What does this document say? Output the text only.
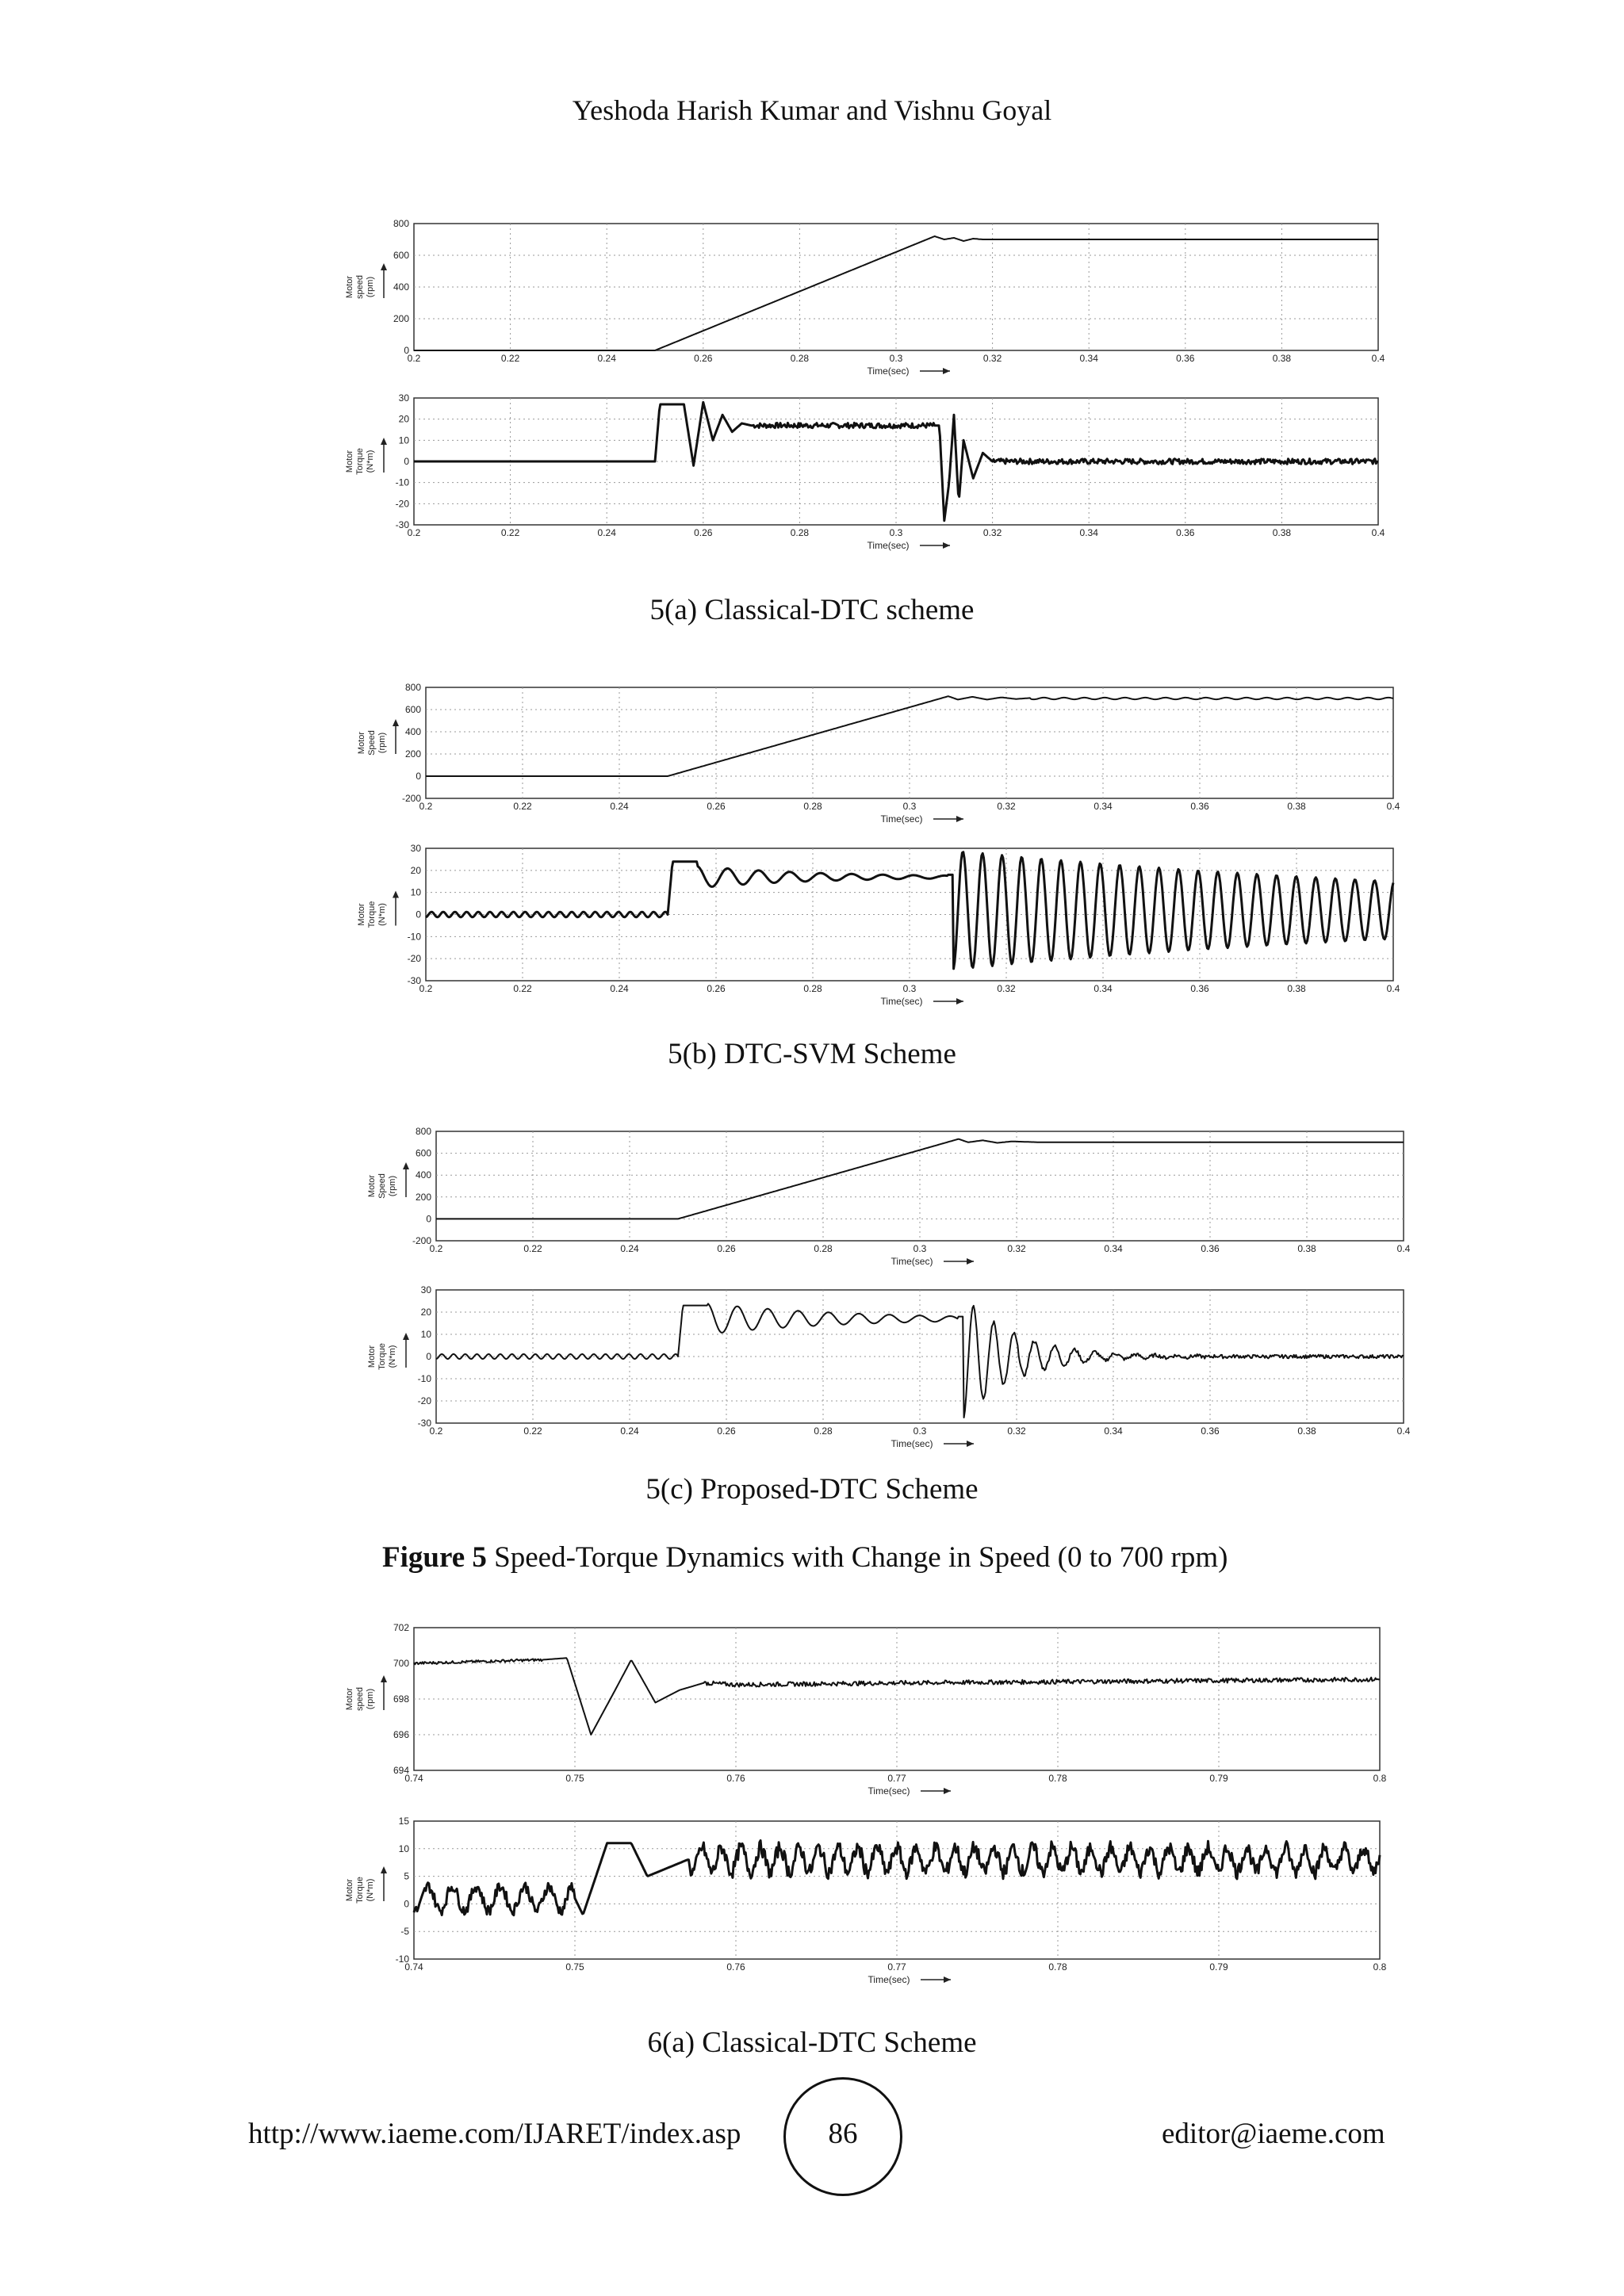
Yeshoda Harish Kumar and Vishnu Goyal
0.2	0.22	0.24	0.26	0.28	0.3	0.32	0.34	0.36	0.38	0.4
800
600
400
200
0
Time(sec)
Motor speed (rpm)
0.2	0.22	0.24	0.26	0.28	0.3	0.32	0.34	0.36	0.38	0.4
30
20
10
0
-10
-20
-30
Time(sec)
Motor Torque (N*m)
0.2	0.22	0.24	0.26	0.28	0.3	0.32	0.34	0.36	0.38	0.4
800
600
400
200
0
-200
Time(sec)
Motor Speed (rpm)
0.2	0.22	0.24	0.26	0.28	0.3	0.32	0.34	0.36	0.38	0.4
30
20
10
0
-10
-20
-30
Time(sec)
Motor Torque (N*m)
0.2	0.22	0.24	0.26	0.28	0.3	0.32	0.34	0.36	0.38	0.4
800
600
400
200
0
-200
Time(sec)
Motor Speed (rpm)
0.2	0.22	0.24	0.26	0.28	0.3	0.32	0.34	0.36	0.38	0.4
30
20
10
0
-10
-20
-30
Time(sec)
Motor Torque (N*m)
0.74	0.75	0.76	0.77	0.78	0.79	0.8
702
700
698
696
694
Time(sec)
Motor speed (rpm)
0.74	0.75	0.76	0.77	0.78	0.79	0.8
15
10
5
0
-5
-10
Time(sec)
Motor Torque (N*m)
5(a) Classical-DTC scheme
5(b) DTC-SVM Scheme
5(c) Proposed-DTC Scheme
Figure 5 Speed-Torque Dynamics with Change in Speed (0 to 700 rpm)
6(a) Classical-DTC Scheme
http://www.iaeme.com/IJARET/index.asp	86	editor@iaeme.com
